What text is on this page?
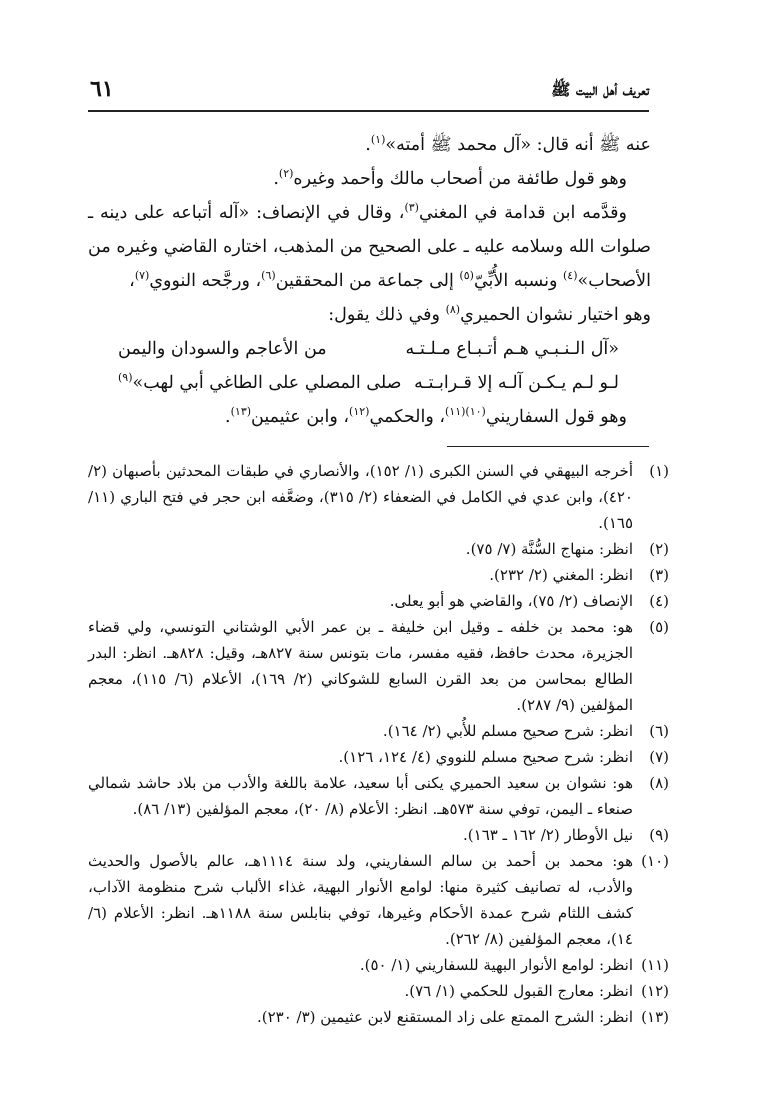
تعريف أهل البيت ﷺ
٦١

عنه ﷺ أنه قال: «آل محمد ﷺ أمته»$^{(١)}$.

وهو قول طائفة من أصحاب مالك وأحمد وغيره$^{(٢)}$.

وقدَّمه ابن قدامة في المغني$^{(٣)}$، وقال في الإنصاف: «آله أتباعه على دينه ـ صلوات الله وسلامه عليه ـ على الصحيح من المذهب، اختاره القاضي وغيره من الأصحاب»$^{(٤)}$ ونسبه الأُبِّيّ$^{(٥)}$ إلى جماعة من المحققين$^{(٦)}$، ورجَّحه النووي$^{(٧)}$،

وهو اختيار نشوان الحميري$^{(٨)}$ وفي ذلك يقول:

«آل الـنـبـي هـم أتـبـاع مـلـتـه
من الأعاجم والسودان واليمن
لـو لـم يـكـن آلـه إلا قـرابـتـه
صلى المصلي على الطاغي أبي لهب»$^{(٩)}$

وهو قول السفاريني$^{(١٠)(١١)}$، والحكمي$^{(١٢)}$، وابن عثيمين$^{(١٣)}$.

(١)
أخرجه البيهقي في السنن الكبرى (١/ ١٥٢)، والأنصاري في طبقات المحدثين بأصبهان (٢/ ٤٢٠)، وابن عدي في الكامل في الضعفاء (٢/ ٣١٥)، وضعَّفه ابن حجر في فتح الباري (١١/ ١٦٥).
(٢)
انظر: منهاج السُّنَّة (٧/ ٧٥).
(٣)
انظر: المغني (٢/ ٢٣٢).
(٤)
الإنصاف (٢/ ٧٥)، والقاضي هو أبو يعلى.
(٥)
هو: محمد بن خلفه ـ وقيل ابن خليفة ـ بن عمر الأبي الوشتاني التونسي، ولي قضاء الجزيرة، محدث حافظ، فقيه مفسر، مات بتونس سنة ٨٢٧هـ، وقيل: ٨٢٨هـ. انظر: البدر الطالع بمحاسن من بعد القرن السابع للشوكاني (٢/ ١٦٩)، الأعلام (٦/ ١١٥)، معجم المؤلفين (٩/ ٢٨٧).
(٦)
انظر: شرح صحيح مسلم للأُبي (٢/ ١٦٤).
(٧)
انظر: شرح صحيح مسلم للنووي (٤/ ١٢٤، ١٢٦).
(٨)
هو: نشوان بن سعيد الحميري يكنى أبا سعيد، علامة باللغة والأدب من بلاد حاشد شمالي صنعاء ـ اليمن، توفي سنة ٥٧٣هـ. انظر: الأعلام (٨/ ٢٠)، معجم المؤلفين (١٣/ ٨٦).
(٩)
نيل الأوطار (٢/ ١٦٢ ـ ١٦٣).
(١٠)
هو: محمد بن أحمد بن سالم السفاريني، ولد سنة ١١١٤هـ، عالم بالأصول والحديث والأدب، له تصانيف كثيرة منها: لوامع الأنوار البهية، غذاء الألباب شرح منظومة الآداب، كشف اللثام شرح عمدة الأحكام وغيرها، توفي بنابلس سنة ١١٨٨هـ. انظر: الأعلام (٦/ ١٤)، معجم المؤلفين (٨/ ٢٦٢).
(١١)
انظر: لوامع الأنوار البهية للسفاريني (١/ ٥٠).
(١٢)
انظر: معارج القبول للحكمي (١/ ٧٦).
(١٣)
انظر: الشرح الممتع على زاد المستقنع لابن عثيمين (٣/ ٢٣٠).
